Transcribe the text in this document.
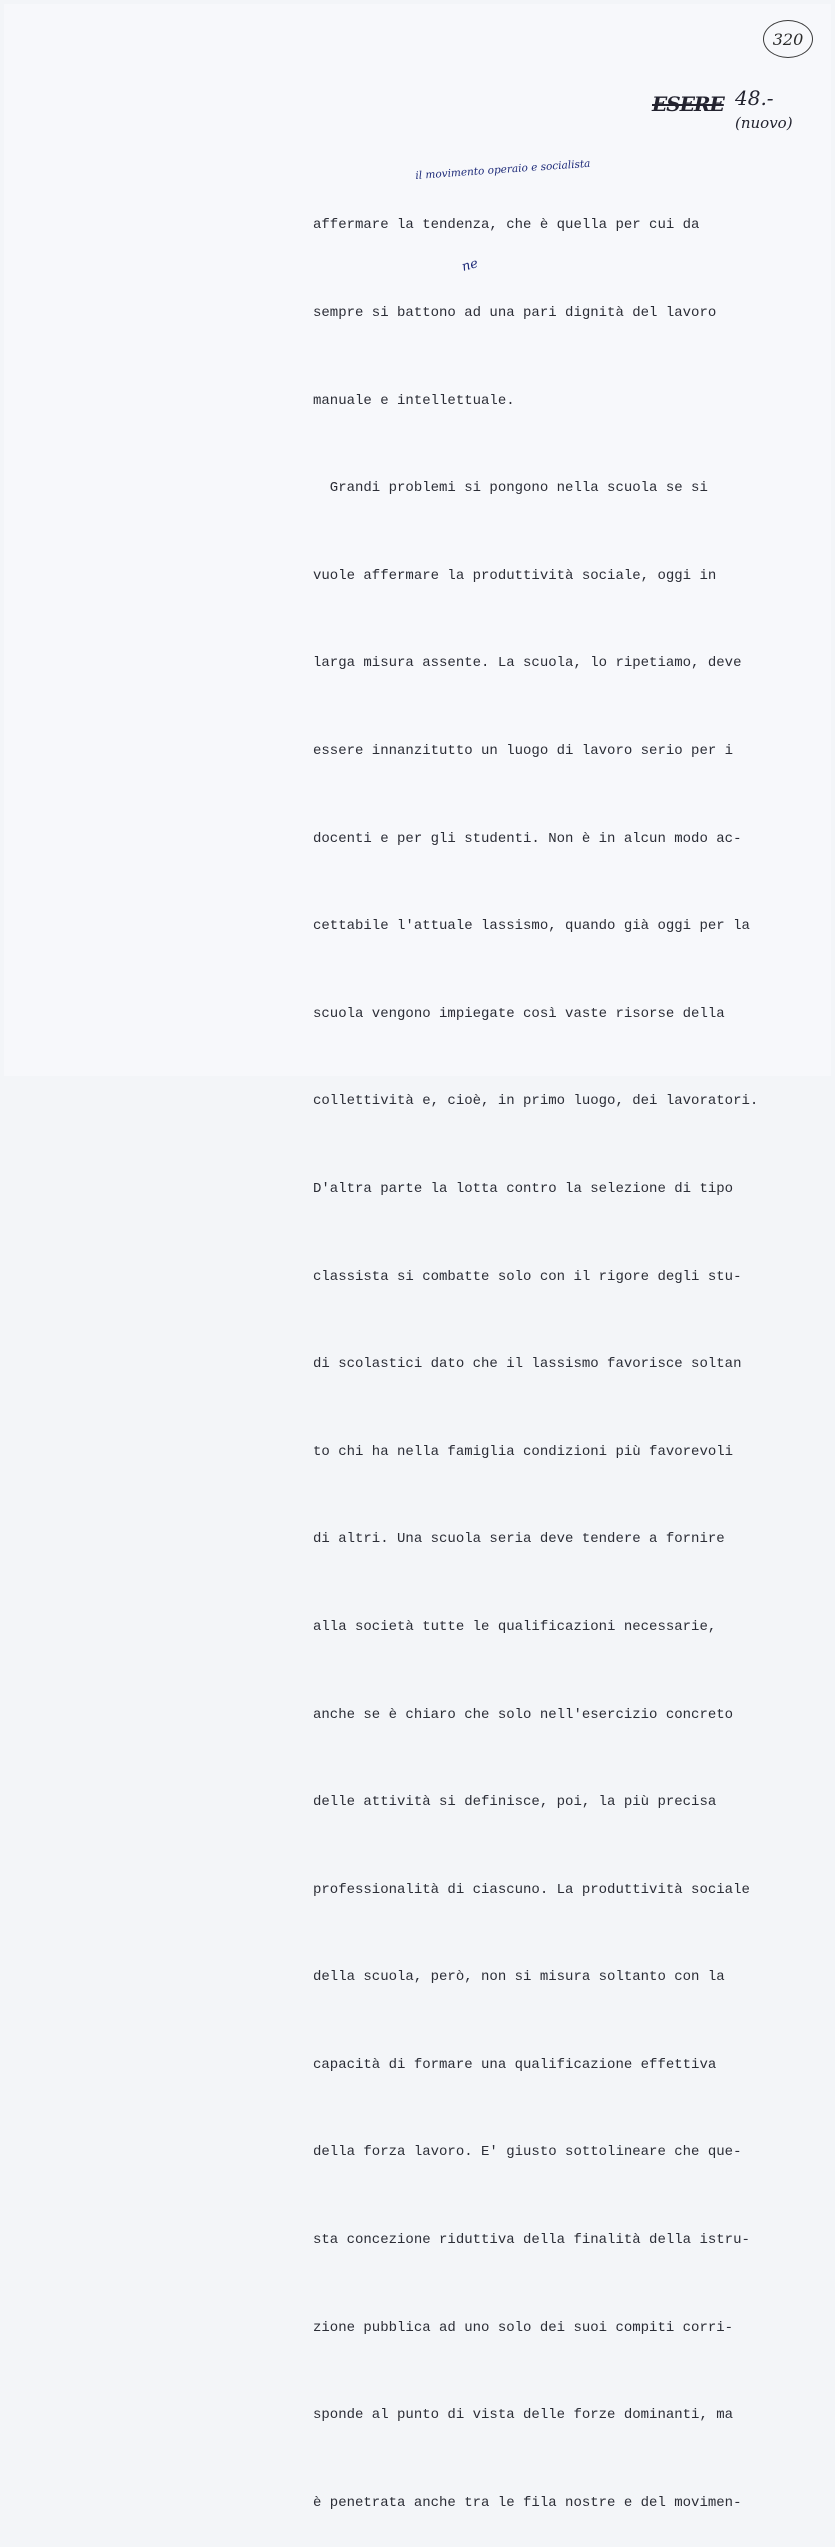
320
ESERE 48.-
(nuovo)
il movimento operaio e socialista
ne

affermare la tendenza, che è quella per cui da

sempre si battono ad una pari dignità del lavoro

manuale e intellettuale.

Grandi problemi si pongono nella scuola se si

vuole affermare la produttività sociale, oggi in

larga misura assente. La scuola, lo ripetiamo, deve

essere innanzitutto un luogo di lavoro serio per i

docenti e per gli studenti. Non è in alcun modo ac-

cettabile l'attuale lassismo, quando già oggi per la

scuola vengono impiegate così vaste risorse della

collettività e, cioè, in primo luogo, dei lavoratori.

D'altra parte la lotta contro la selezione di tipo

classista si combatte solo con il rigore degli stu-

di scolastici dato che il lassismo favorisce soltan

to chi ha nella famiglia condizioni più favorevoli

di altri. Una scuola seria deve tendere a fornire

alla società tutte le qualificazioni necessarie,

anche se è chiaro che solo nell'esercizio concreto

delle attività si definisce, poi, la più precisa

professionalità di ciascuno. La produttività sociale

della scuola, però, non si misura soltanto con la

capacità di formare una qualificazione effettiva

della forza lavoro. E' giusto sottolineare che que-

sta concezione riduttiva della finalità della istru-

zione pubblica ad uno solo dei suoi compiti corri-

sponde al punto di vista delle forze dominanti, ma

è penetrata anche tra le fila nostre e del movimen-
